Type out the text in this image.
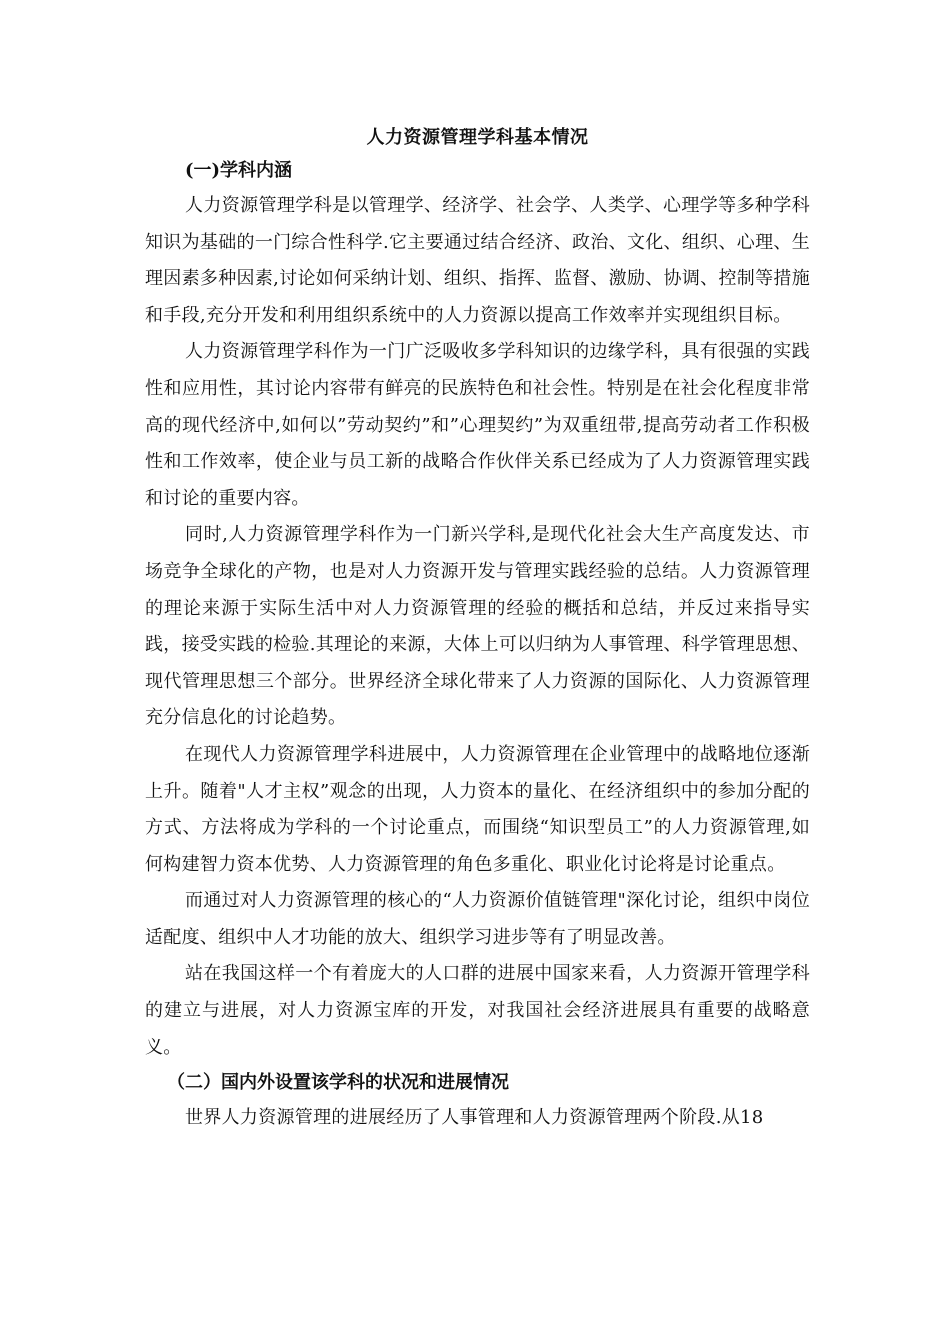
人力资源管理学科基本情况
(一)学科内涵

人力资源管理学科是以管理学、经济学、社会学、人类学、心理学等多种学科知识为基础的一门综合性科学.它主要通过结合经济、政治、文化、组织、心理、生理因素多种因素,讨论如何采纳计划、组织、指挥、监督、激励、协调、控制等措施和手段,充分开发和利用组织系统中的人力资源以提高工作效率并实现组织目标。

人力资源管理学科作为一门广泛吸收多学科知识的边缘学科，具有很强的实践性和应用性，其讨论内容带有鲜亮的民族特色和社会性。特别是在社会化程度非常高的现代经济中,如何以”劳动契约”和”心理契约”为双重纽带,提高劳动者工作积极性和工作效率，使企业与员工新的战略合作伙伴关系已经成为了人力资源管理实践和讨论的重要内容。

同时,人力资源管理学科作为一门新兴学科,是现代化社会大生产高度发达、市场竞争全球化的产物，也是对人力资源开发与管理实践经验的总结。人力资源管理的理论来源于实际生活中对人力资源管理的经验的概括和总结，并反过来指导实践，接受实践的检验.其理论的来源，大体上可以归纳为人事管理、科学管理思想、现代管理思想三个部分。世界经济全球化带来了人力资源的国际化、人力资源管理充分信息化的讨论趋势。

在现代人力资源管理学科进展中，人力资源管理在企业管理中的战略地位逐渐上升。随着"人才主权”观念的出现，人力资本的量化、在经济组织中的参加分配的方式、方法将成为学科的一个讨论重点，而围绕“知识型员工”的人力资源管理,如何构建智力资本优势、人力资源管理的角色多重化、职业化讨论将是讨论重点。

而通过对人力资源管理的核心的“人力资源价值链管理"深化讨论，组织中岗位适配度、组织中人才功能的放大、组织学习进步等有了明显改善。

站在我国这样一个有着庞大的人口群的进展中国家来看，人力资源开管理学科的建立与进展，对人力资源宝库的开发，对我国社会经济进展具有重要的战略意义。

（二）国内外设置该学科的状况和进展情况

世界人力资源管理的进展经历了人事管理和人力资源管理两个阶段.从18
